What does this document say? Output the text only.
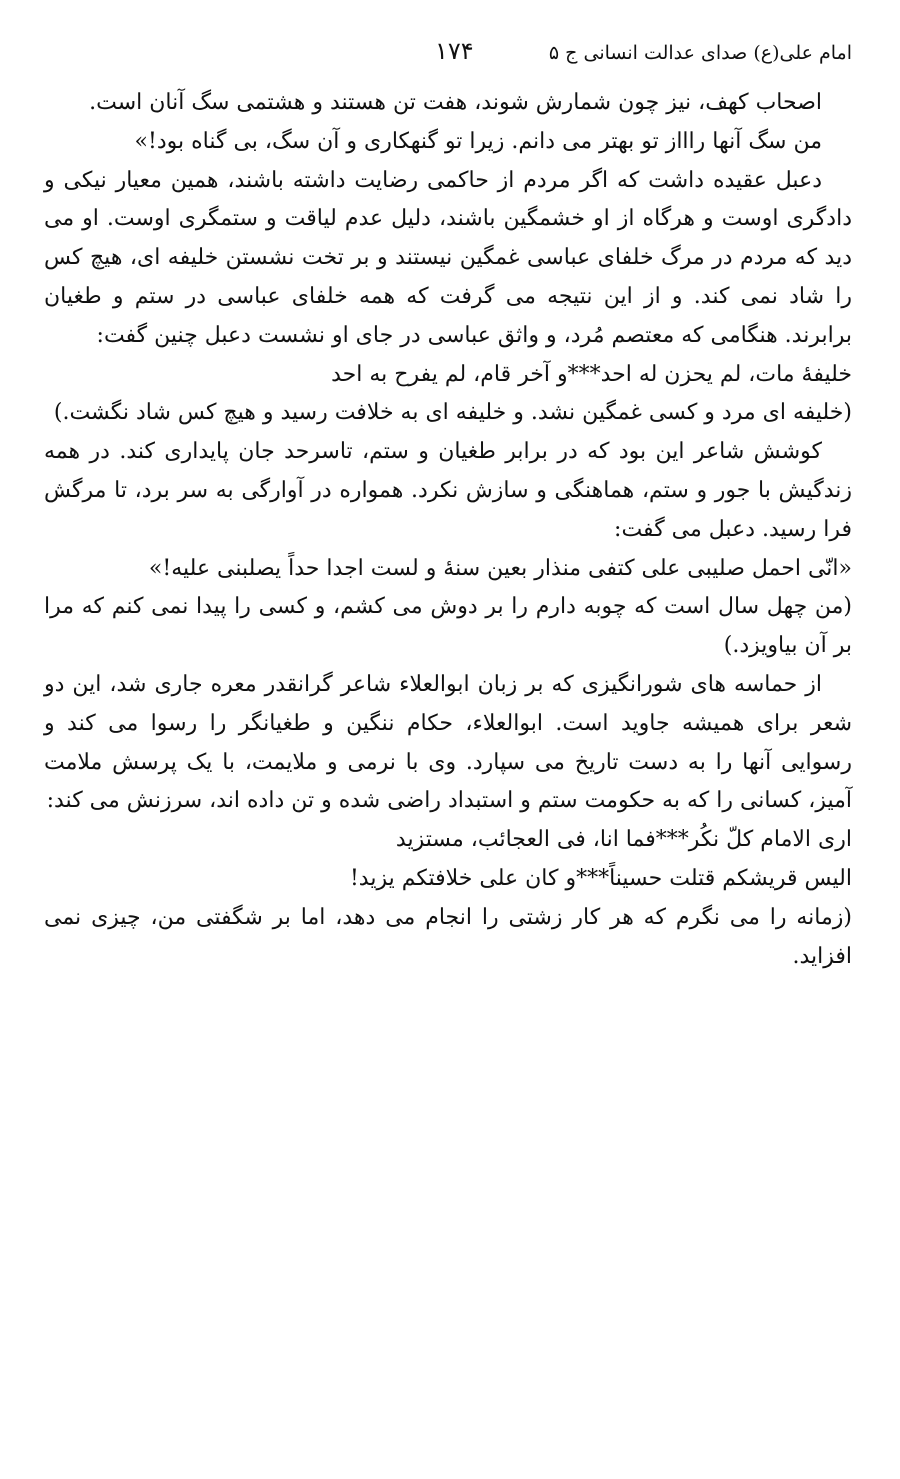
امام علی(ع) صدای عدالت انسانی ج ۵
۱۷۴

اصحاب کهف، نیز چون شمارش شوند، هفت تن هستند و هشتمی سگ آنان است.

من سگ آنها راااز تو بهتر می دانم. زیرا تو گنهکاری و آن سگ، بی گناه بود!»

دعبل عقیده داشت که اگر مردم از حاکمی رضایت داشته باشند، همین معیار نیکی و دادگری اوست و هرگاه از او خشمگین باشند، دلیل عدم لیاقت و ستمگری اوست. او می دید که مردم در مرگ خلفای عباسی غمگین نیستند و بر تخت نشستن خلیفه ای، هیچ کس را شاد نمی کند. و از این نتیجه می گرفت که همه خلفای عباسی در ستم و طغیان برابرند. هنگامی که معتصم مُرد، و واثق عباسی در جای او نشست دعبل چنین گفت:

خلیفهٔ مات، لم یحزن له احد***و آخر قام، لم یفرح به احد

(خلیفه ای مرد و کسی غمگین نشد. و خلیفه ای به خلافت رسید و هیچ کس شاد نگشت.)

کوشش شاعر این بود که در برابر طغیان و ستم، تاسرحد جان پایداری کند. در همه زندگیش با جور و ستم، هماهنگی و سازش نکرد. همواره در آوارگی به سر برد، تا مرگش فرا رسید. دعبل می گفت:

«انّی احمل صلیبی علی کتفی منذار بعین سنهٔ و لست اجدا حداً یصلبنی علیه!»

(من چهل سال است که چوبه دارم را بر دوش می کشم، و کسی را پیدا نمی کنم که مرا بر آن بیاویزد.)

از حماسه های شورانگیزی که بر زبان ابوالعلاء شاعر گرانقدر معره جاری شد، این دو شعر برای همیشه جاوید است. ابوالعلاء، حکام ننگین و طغیانگر را رسوا می کند و رسوایی آنها را به دست تاریخ می سپارد. وی با نرمی و ملایمت، با یک پرسش ملامت آمیز، کسانی را که به حکومت ستم و استبداد راضی شده و تن داده اند، سرزنش می کند:

اری الامام کلّ نکُر***فما انا، فی العجائب، مستزید

الیس قریشکم قتلت حسیناً***و کان علی خلافتکم یزید!

(زمانه را می نگرم که هر کار زشتی را انجام می دهد، اما بر شگفتی من، چیزی نمی افزاید.
